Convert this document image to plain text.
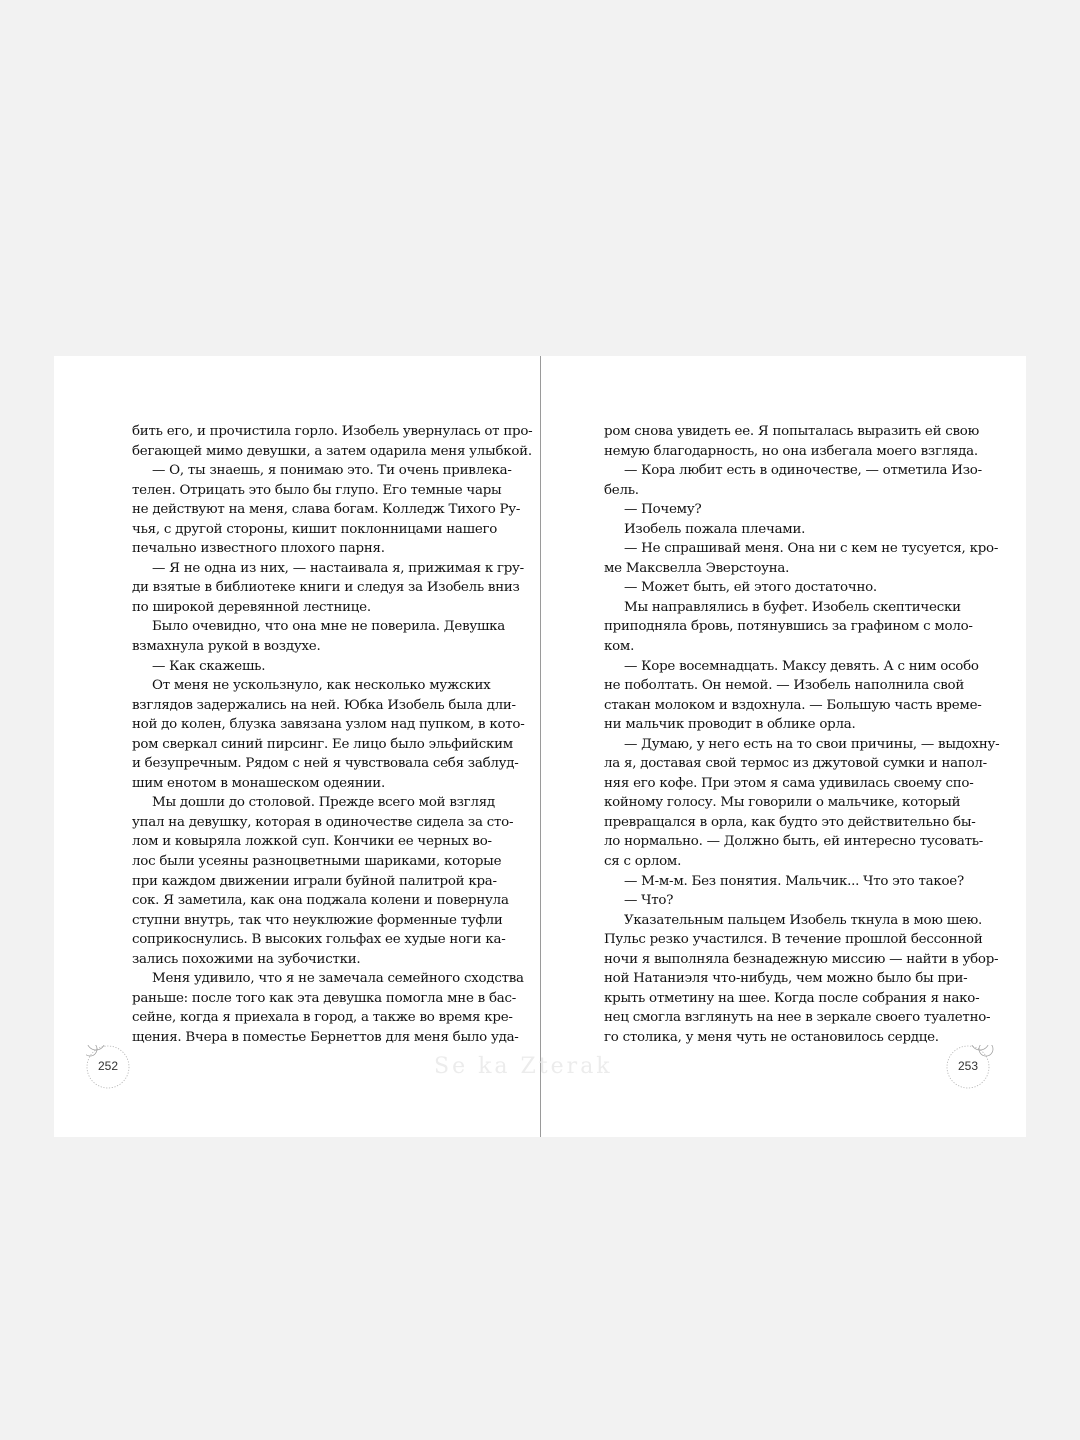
бить его, и прочистила горло. Изобель увернулась от про-
бегающей мимо девушки, а затем одарила меня улыбкой.
— О, ты знаешь, я понимаю это. Ти очень привлека-
телен. Отрицать это было бы глупо. Его темные чары
не действуют на меня, слава богам. Колледж Тихого Ру-
чья, с другой стороны, кишит поклонницами нашего
печально известного плохого парня.
— Я не одна из них, — настаивала я, прижимая к гру-
ди взятые в библиотеке книги и следуя за Изобель вниз
по широкой деревянной лестнице.
Было очевидно, что она мне не поверила. Девушка
взмахнула рукой в воздухе.
— Как скажешь.
От меня не ускользнуло, как несколько мужских
взглядов задержались на ней. Юбка Изобель была дли-
ной до колен, блузка завязана узлом над пупком, в кото-
ром сверкал синий пирсинг. Ее лицо было эльфийским
и безупречным. Рядом с ней я чувствовала себя заблуд-
шим енотом в монашеском одеянии.
Мы дошли до столовой. Прежде всего мой взгляд
упал на девушку, которая в одиночестве сидела за сто-
лом и ковыряла ложкой суп. Кончики ее черных во-
лос были усеяны разноцветными шариками, которые
при каждом движении играли буйной палитрой кра-
сок. Я заметила, как она поджала колени и повернула
ступни внутрь, так что неуклюжие форменные туфли
соприкоснулись. В высоких гольфах ее худые ноги ка-
зались похожими на зубочистки.
Меня удивило, что я не замечала семейного сходства
раньше: после того как эта девушка помогла мне в бас-
сейне, когда я приехала в город, а также во время кре-
щения. Вчера в поместье Бернеттов для меня было уда-
ром снова увидеть ее. Я попыталась выразить ей свою
немую благодарность, но она избегала моего взгляда.
— Кора любит есть в одиночестве, — отметила Изо-
бель.
— Почему?
Изобель пожала плечами.
— Не спрашивай меня. Она ни с кем не тусуется, кро-
ме Максвелла Эверстоуна.
— Может быть, ей этого достаточно.
Мы направлялись в буфет. Изобель скептически
приподняла бровь, потянувшись за графином с моло-
ком.
— Коре восемнадцать. Максу девять. А с ним особо
не поболтать. Он немой. — Изобель наполнила свой
стакан молоком и вздохнула. — Большую часть време-
ни мальчик проводит в облике орла.
— Думаю, у него есть на то свои причины, — выдохну-
ла я, доставая свой термос из джутовой сумки и напол-
няя его кофе. При этом я сама удивилась своему спо-
койному голосу. Мы говорили о мальчике, который
превращался в орла, как будто это действительно бы-
ло нормально. — Должно быть, ей интересно тусовать-
ся с орлом.
— М-м-м. Без понятия. Мальчик... Что это такое?
— Что?
Указательным пальцем Изобель ткнула в мою шею.
Пульс резко участился. В течение прошлой бессонной
ночи я выполняла безнадежную миссию — найти в убор-
ной Натаниэля что-нибудь, чем можно было бы при-
крыть отметину на шее. Когда после собрания я нако-
нец смогла взглянуть на нее в зеркале своего туалетно-
го столика, у меня чуть не остановилось сердце.
252	Se ka Zterak	253
